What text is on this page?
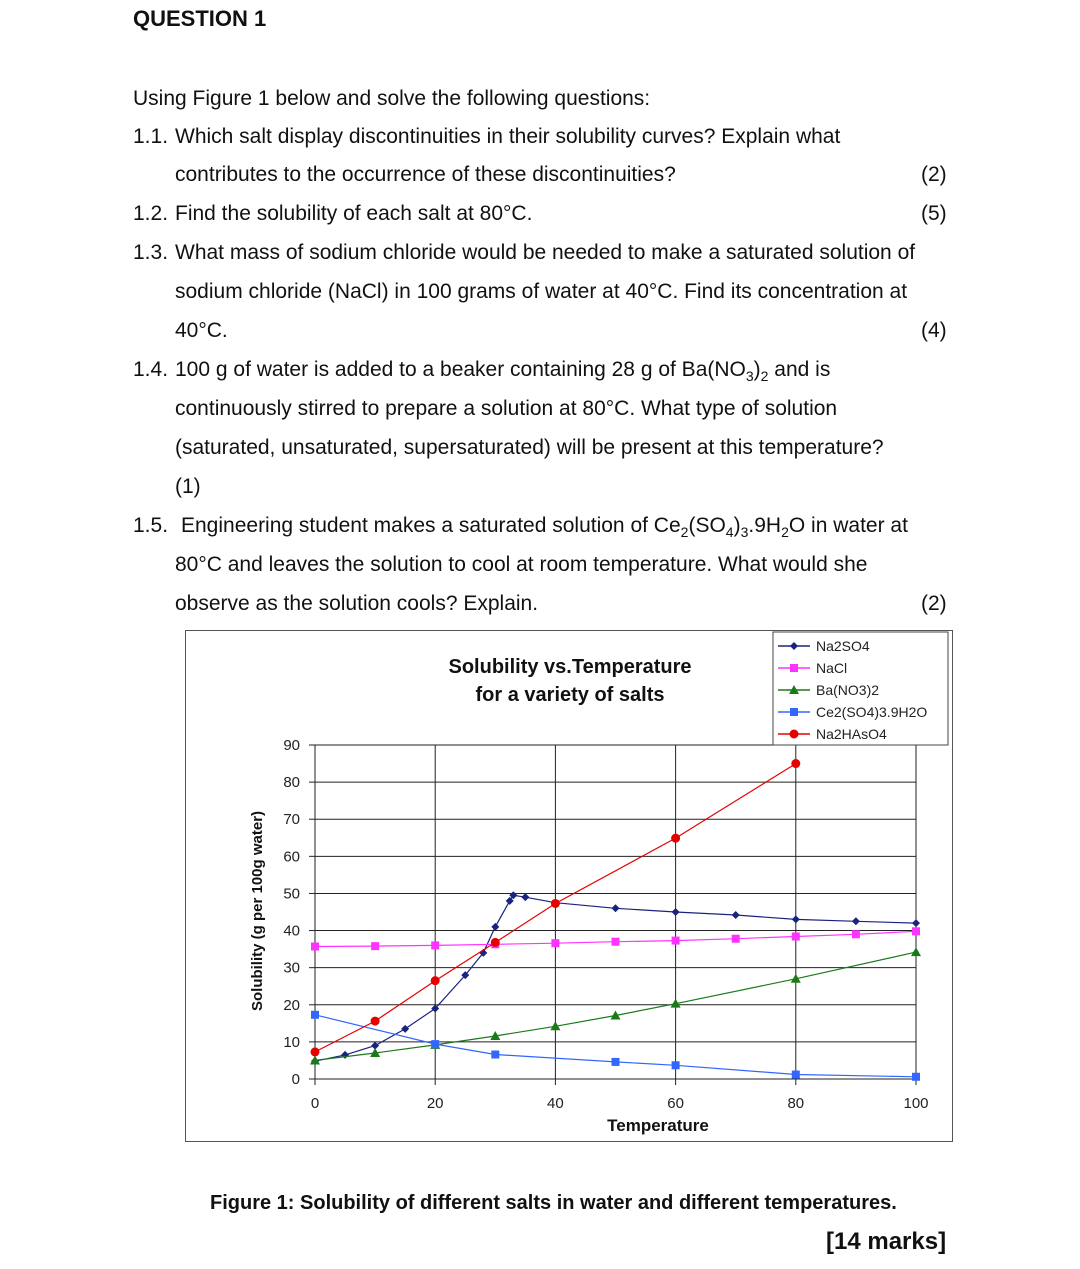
QUESTION 1
Using Figure 1 below and solve the following questions:
1.1. Which salt display discontinuities in their solubility curves? Explain what
contributes to the occurrence of these discontinuities?	(2)
1.2. Find the solubility of each salt at 80°C.	(5)
1.3. What mass of sodium chloride would be needed to make a saturated solution of
sodium chloride (NaCl) in 100 grams of water at 40°C. Find its concentration at
40°C.	(4)
1.4. 100 g of water is added to a beaker containing 28 g of $Ba(NO_3)_2$ and is
continuously stirred to prepare a solution at 80°C. What type of solution
(saturated, unsaturated, supersaturated) will be present at this temperature?
(1)
1.5. Engineering student makes a saturated solution of $Ce_2(SO_4)_3.9H_2O$ in water at
80°C and leaves the solution to cool at room temperature. What would she
observe as the solution cools? Explain.	(2)
Solubility vs.Temperature
for a variety of salts
0
10
20
30
40
50
60
70
80
90
0	20	40	60	80	100
Temperature
Solubility (g per 100g water)
Na2SO4
NaCl
Ba(NO3)2
Ce2(SO4)3.9H2O
Na2HAsO4
Figure 1: Solubility of different salts in water and different temperatures.
[14 marks]
